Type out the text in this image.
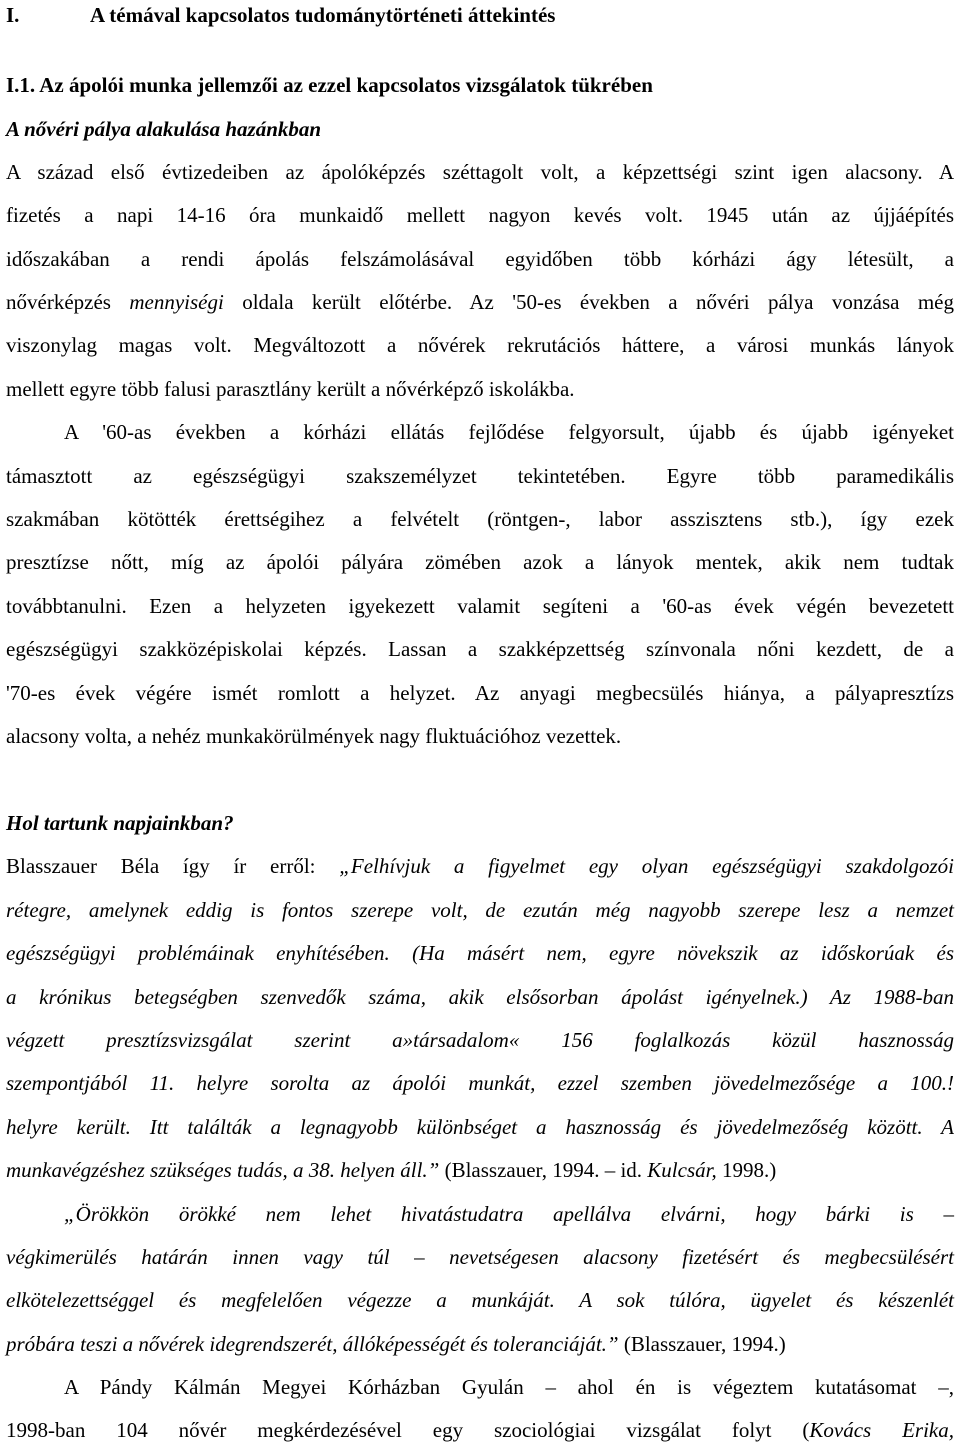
I.	A témával kapcsolatos tudománytörténeti áttekintés
I.1. Az ápolói munka jellemzői az ezzel kapcsolatos vizsgálatok tükrében
A nővéri pálya alakulása hazánkban
A század első évtizedeiben az ápolóképzés széttagolt volt, a képzettségi szint igen alacsony. A
fizetés a napi 14-16 óra munkaidő mellett nagyon kevés volt. 1945 után az újjáépítés
időszakában a rendi ápolás felszámolásával egyidőben több kórházi ágy létesült, a
nővérképzés mennyiségi oldala került előtérbe. Az '50-es években a nővéri pálya vonzása még
viszonylag magas volt. Megváltozott a nővérek rekrutációs háttere, a városi munkás lányok
mellett egyre több falusi parasztlány került a nővérképző iskolákba.
A '60-as években a kórházi ellátás fejlődése felgyorsult, újabb és újabb igényeket
támasztott az egészségügyi szakszemélyzet tekintetében. Egyre több paramedikális
szakmában kötötték érettségihez a felvételt (röntgen-, labor asszisztens stb.), így ezek
presztízse nőtt, míg az ápolói pályára zömében azok a lányok mentek, akik nem tudtak
továbbtanulni. Ezen a helyzeten igyekezett valamit segíteni a '60-as évek végén bevezetett
egészségügyi szakközépiskolai képzés. Lassan a szakképzettség színvonala nőni kezdett, de a
'70-es évek végére ismét romlott a helyzet. Az anyagi megbecsülés hiánya, a pályapresztízs
alacsony volta, a nehéz munkakörülmények nagy fluktuációhoz vezettek.
Hol tartunk napjainkban?
Blasszauer Béla így ír erről: „Felhívjuk a figyelmet egy olyan egészségügyi szakdolgozói
rétegre, amelynek eddig is fontos szerepe volt, de ezután még nagyobb szerepe lesz a nemzet
egészségügyi problémáinak enyhítésében. (Ha másért nem, egyre növekszik az időskorúak és
a krónikus betegségben szenvedők száma, akik elsősorban ápolást igényelnek.) Az 1988-ban
végzett presztízsvizsgálat szerint a»társadalom« 156 foglalkozás közül hasznosság
szempontjából 11. helyre sorolta az ápolói munkát, ezzel szemben jövedelmezősége a 100.!
helyre került. Itt találták a legnagyobb különbséget a hasznosság és jövedelmezőség között. A
munkavégzéshez szükséges tudás, a 38. helyen áll.” (Blasszauer, 1994. – id. Kulcsár, 1998.)
„Örökkön örökké nem lehet hivatástudatra apellálva elvárni, hogy bárki is –
végkimerülés határán innen vagy túl – nevetségesen alacsony fizetésért és megbecsülésért
elkötelezettséggel és megfelelően végezze a munkáját. A sok túlóra, ügyelet és készenlét
próbára teszi a nővérek idegrendszerét, állóképességét és toleranciáját.” (Blasszauer, 1994.)
A Pándy Kálmán Megyei Kórházban Gyulán – ahol én is végeztem kutatásomat –,
1998-ban 104 nővér megkérdezésével egy szociológiai vizsgálat folyt (Kovács Erika,
